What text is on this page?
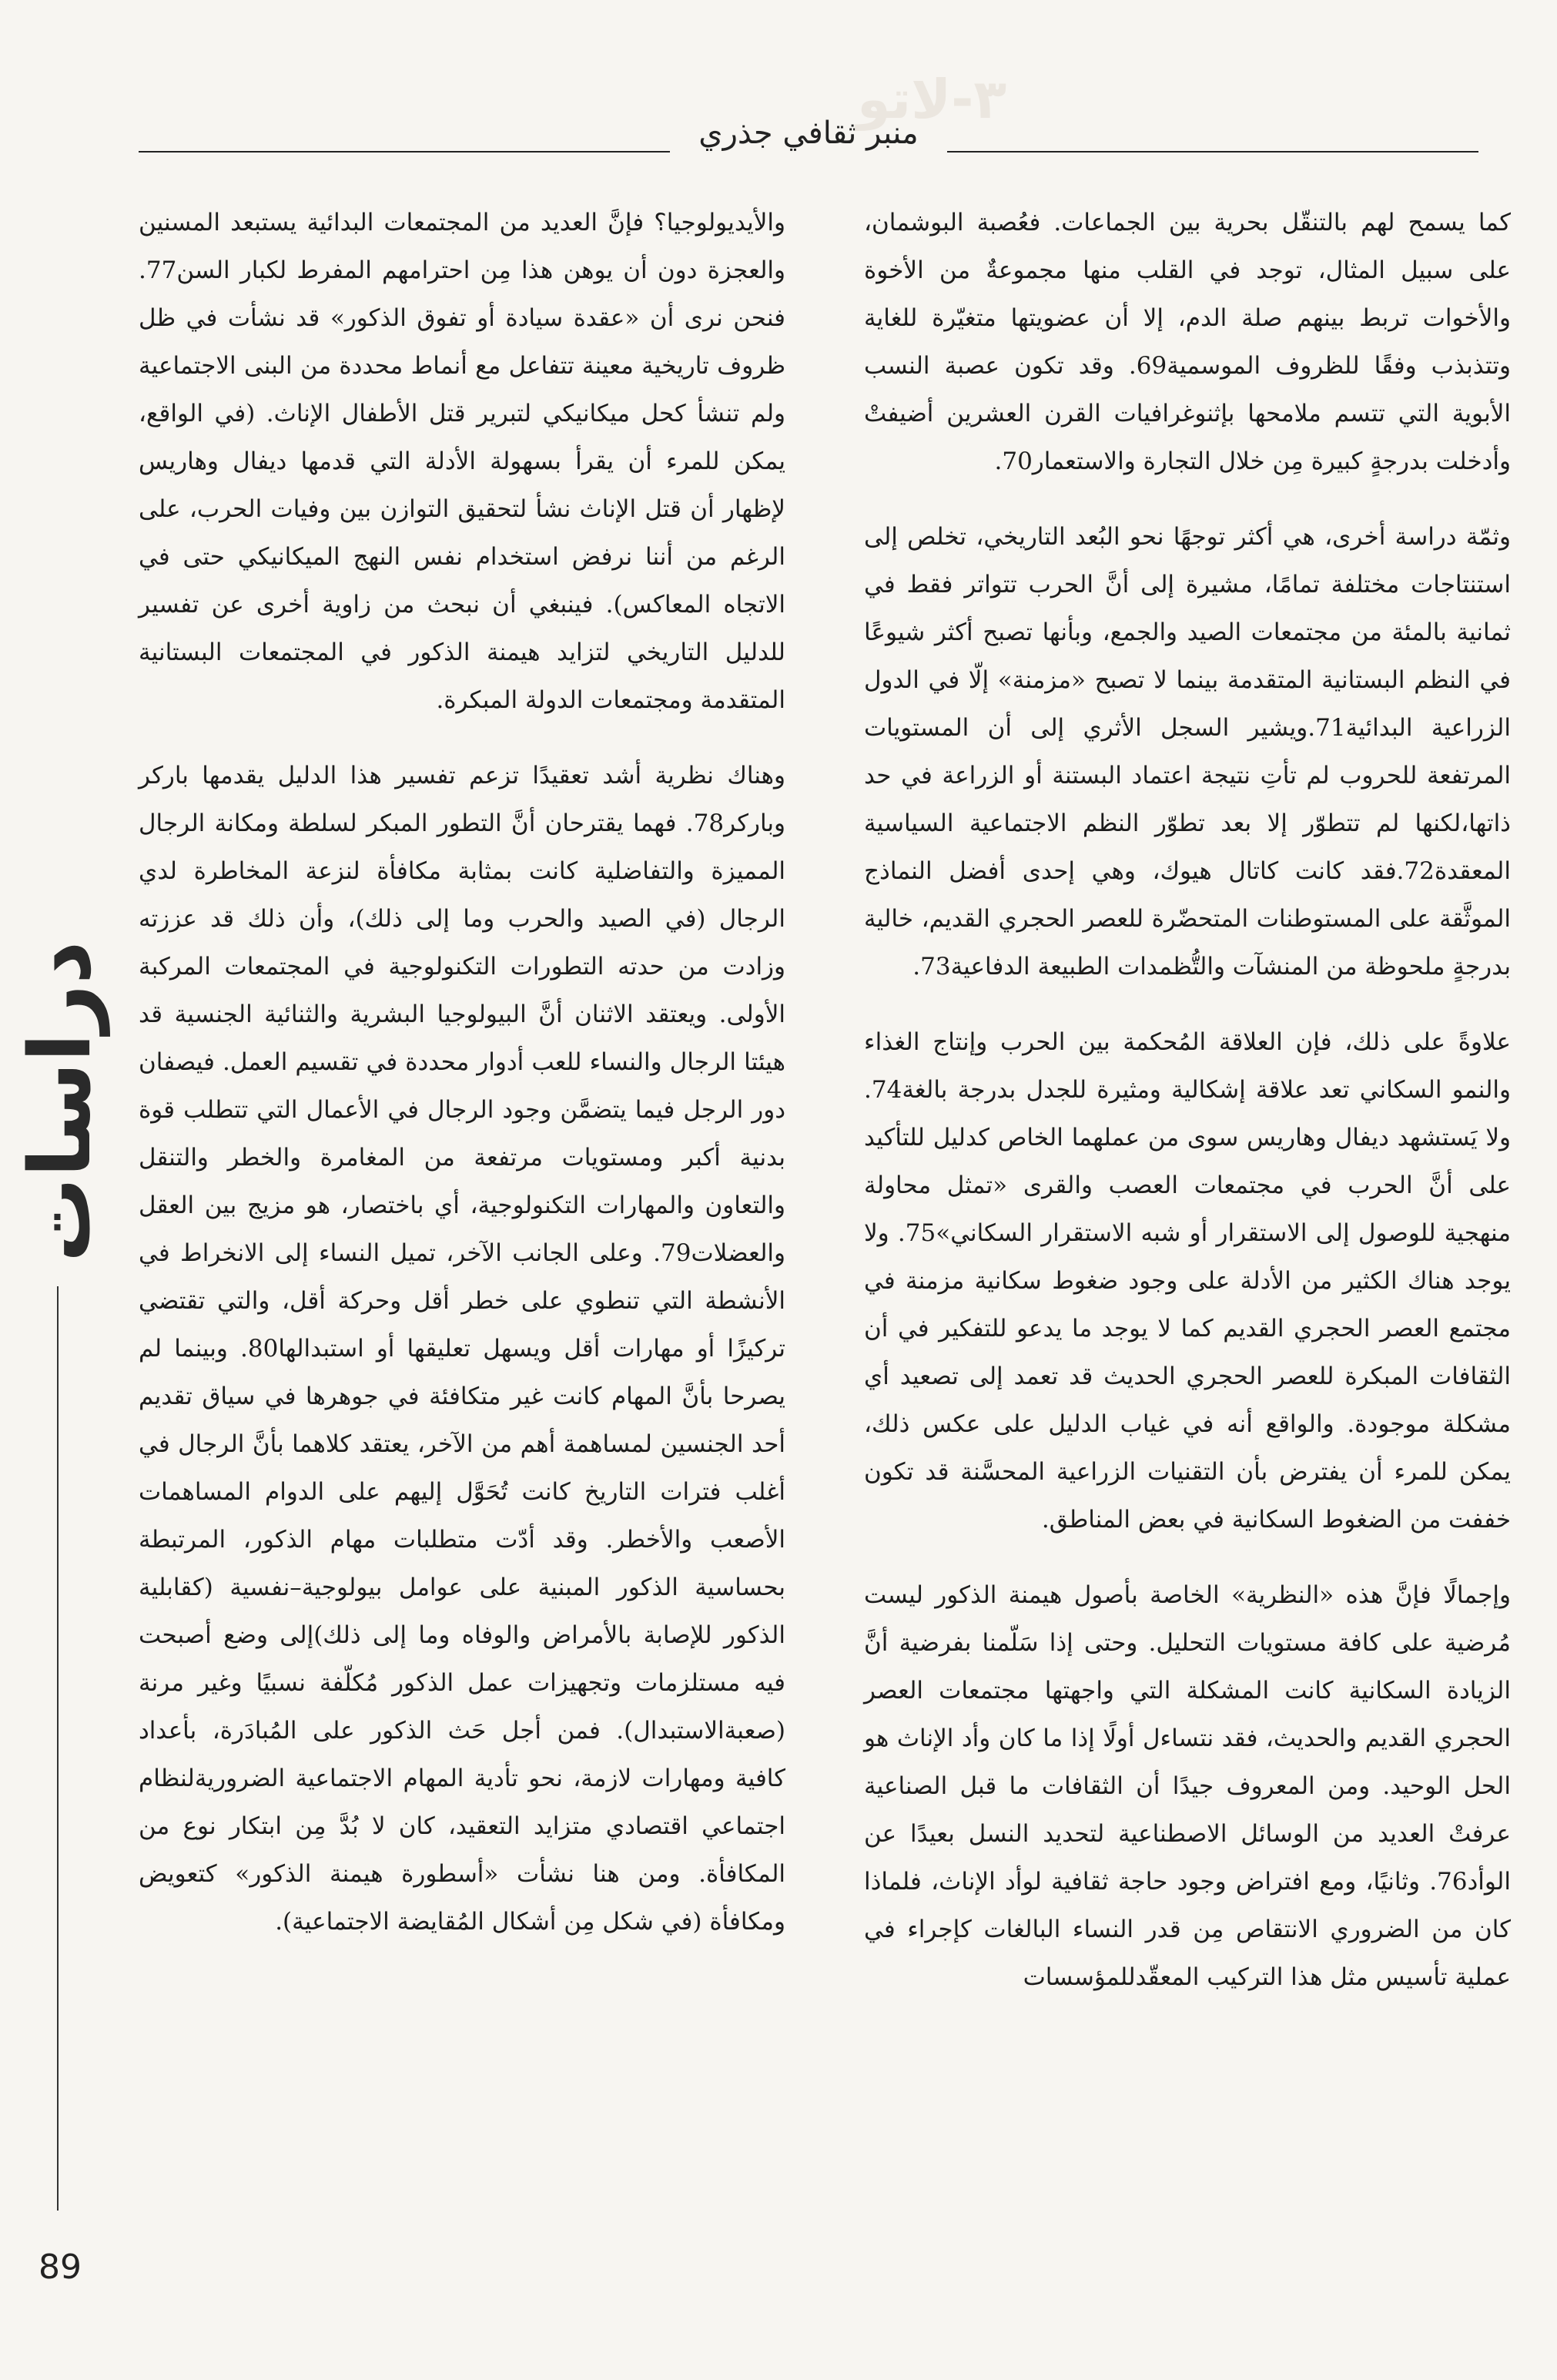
منبر ثقافي جذري
٣-لاتو

كما يسمح لهم بالتنقّل بحرية بين الجماعات. فعُصبة البوشمان، على سبيل المثال، توجد في القلب منها مجموعةٌ من الأخوة والأخوات تربط بينهم صلة الدم، إلا أن عضويتها متغيّرة للغاية وتتذبذب وفقًا للظروف الموسمية69. وقد تكون عصبة النسب الأبوية التي تتسم ملامحها بإثنوغرافيات القرن العشرين أضيفتْ وأدخلت بدرجةٍ كبيرة مِن خلال التجارة والاستعمار70.

وثمّة دراسة أخرى، هي أكثر توجهًا نحو البُعد التاريخي، تخلص إلى استنتاجات مختلفة تمامًا، مشيرة إلى أنَّ الحرب تتواتر فقط في ثمانية بالمئة من مجتمعات الصيد والجمع، وبأنها تصبح أكثر شيوعًا في النظم البستانية المتقدمة بينما لا تصبح «مزمنة» إلّا في الدول الزراعية البدائية71.ويشير السجل الأثري إلى أن المستويات المرتفعة للحروب لم تأتِ نتيجة اعتماد البستنة أو الزراعة في حد ذاتها،لكنها لم تتطوّر إلا بعد تطوّر النظم الاجتماعية السياسية المعقدة72.فقد كانت كاتال هيوك، وهي إحدى أفضل النماذج الموثَّقة على المستوطنات المتحضّرة للعصر الحجري القديم، خالية بدرجةٍ ملحوظة من المنشآت والتُّظمدات الطبيعة الدفاعية73.

علاوةً على ذلك، فإن العلاقة المُحكمة بين الحرب وإنتاج الغذاء والنمو السكاني تعد علاقة إشكالية ومثيرة للجدل بدرجة بالغة74. ولا يَستشهد ديفال وهاريس سوى من عملهما الخاص كدليل للتأكيد على أنَّ الحرب في مجتمعات العصب والقرى «تمثل محاولة منهجية للوصول إلى الاستقرار أو شبه الاستقرار السكاني»75. ولا يوجد هناك الكثير من الأدلة على وجود ضغوط سكانية مزمنة في مجتمع العصر الحجري القديم كما لا يوجد ما يدعو للتفكير في أن الثقافات المبكرة للعصر الحجري الحديث قد تعمد إلى تصعيد أي مشكلة موجودة. والواقع أنه في غياب الدليل على عكس ذلك، يمكن للمرء أن يفترض بأن التقنيات الزراعية المحسَّنة قد تكون خففت من الضغوط السكانية في بعض المناطق.

وإجمالًا فإنَّ هذه «النظرية» الخاصة بأصول هيمنة الذكور ليست مُرضية على كافة مستويات التحليل. وحتى إذا سَلّمنا بفرضية أنَّ الزيادة السكانية كانت المشكلة التي واجهتها مجتمعات العصر الحجري القديم والحديث، فقد نتساءل أولًا إذا ما كان وأد الإناث هو الحل الوحيد. ومن المعروف جيدًا أن الثقافات ما قبل الصناعية عرفتْ العديد من الوسائل الاصطناعية لتحديد النسل بعيدًا عن الوأد76. وثانيًا، ومع افتراض وجود حاجة ثقافية لوأد الإناث، فلماذا كان من الضروري الانتقاص مِن قدر النساء البالغات كإجراء في عملية تأسيس مثل هذا التركيب المعقّدللمؤسسات

والأيديولوجيا؟ فإنَّ العديد من المجتمعات البدائية يستبعد المسنين والعجزة دون أن يوهن هذا مِن احترامهم المفرط لكبار السن77. فنحن نرى أن «عقدة سيادة أو تفوق الذكور» قد نشأت في ظل ظروف تاريخية معينة تتفاعل مع أنماط محددة من البنى الاجتماعية ولم تنشأ كحل ميكانيكي لتبرير قتل الأطفال الإناث. (في الواقع، يمكن للمرء أن يقرأ بسهولة الأدلة التي قدمها ديفال وهاريس لإظهار أن قتل الإناث نشأ لتحقيق التوازن بين وفيات الحرب، على الرغم من أننا نرفض استخدام نفس النهج الميكانيكي حتى في الاتجاه المعاكس). فينبغي أن نبحث من زاوية أخرى عن تفسير للدليل التاريخي لتزايد هيمنة الذكور في المجتمعات البستانية المتقدمة ومجتمعات الدولة المبكرة.

وهناك نظرية أشد تعقيدًا تزعم تفسير هذا الدليل يقدمها باركر وباركر78. فهما يقترحان أنَّ التطور المبكر لسلطة ومكانة الرجال المميزة والتفاضلية كانت بمثابة مكافأة لنزعة المخاطرة لدي الرجال (في الصيد والحرب وما إلى ذلك)، وأن ذلك قد عززته وزادت من حدته التطورات التكنولوجية في المجتمعات المركبة الأولى. ويعتقد الاثنان أنَّ البيولوجيا البشرية والثنائية الجنسية قد هيئتا الرجال والنساء للعب أدوار محددة في تقسيم العمل. فيصفان دور الرجل فيما يتضمَّن وجود الرجال في الأعمال التي تتطلب قوة بدنية أكبر ومستويات مرتفعة من المغامرة والخطر والتنقل والتعاون والمهارات التكنولوجية، أي باختصار، هو مزيج بين العقل والعضلات79. وعلى الجانب الآخر، تميل النساء إلى الانخراط في الأنشطة التي تنطوي على خطر أقل وحركة أقل، والتي تقتضي تركيزًا أو مهارات أقل ويسهل تعليقها أو استبدالها80. وبينما لم يصرحا بأنَّ المهام كانت غير متكافئة في جوهرها في سياق تقديم أحد الجنسين لمساهمة أهم من الآخر، يعتقد كلاهما بأنَّ الرجال في أغلب فترات التاريخ كانت تُحَوَّل إليهم على الدوام المساهمات الأصعب والأخطر. وقد أدّت متطلبات مهام الذكور، المرتبطة بحساسية الذكور المبنية على عوامل بيولوجية–نفسية (كقابلية الذكور للإصابة بالأمراض والوفاه وما إلى ذلك)إلى وضع أصبحت فيه مستلزمات وتجهيزات عمل الذكور مُكلّفة نسبيًا وغير مرنة (صعبةالاستبدال). فمن أجل حَث الذكور على المُبادَرة، بأعداد كافية ومهارات لازمة، نحو تأدية المهام الاجتماعية الضروريةلنظام اجتماعي اقتصادي متزايد التعقيد، كان لا بُدَّ مِن ابتكار نوع من المكافأة. ومن هنا نشأت «أسطورة هيمنة الذكور» كتعويض ومكافأة (في شكل مِن أشكال المُقايضة الاجتماعية).

دراسات
89
